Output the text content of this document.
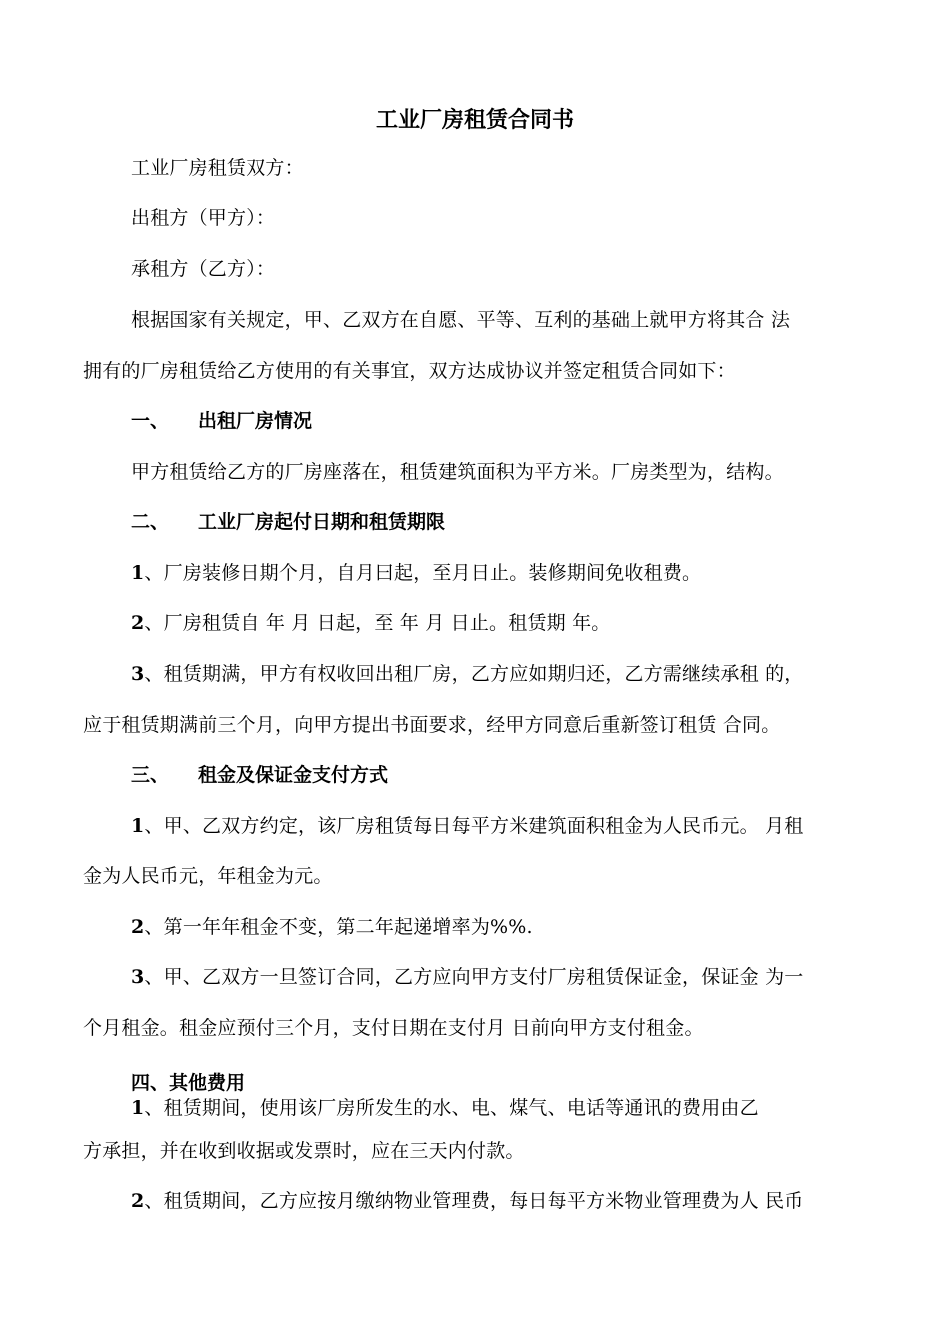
工业厂房租赁合同书
工业厂房租赁双方：
出租方（甲方）：
承租方（乙方）：
根据国家有关规定，甲、乙双方在自愿、平等、互利的基础上就甲方将其合 法
拥有的厂房租赁给乙方使用的有关事宜，双方达成协议并签定租赁合同如下：
一、 出租厂房情况
甲方租赁给乙方的厂房座落在，租赁建筑面积为平方米。厂房类型为，结构。
二、 工业厂房起付日期和租赁期限
1、厂房装修日期个月，自月曰起，至月日止。装修期间免收租费。
2、厂房租赁自 年 月 日起，至 年 月 日止。租赁期 年。
3、租赁期满，甲方有权收回出租厂房，乙方应如期归还，乙方需继续承租 的，
应于租赁期满前三个月，向甲方提出书面要求，经甲方同意后重新签订租赁 合同。
三、 租金及保证金支付方式
1、甲、乙双方约定，该厂房租赁每日每平方米建筑面积租金为人民币元。 月租
金为人民币元，年租金为元。
2、第一年年租金不变，第二年起递增率为%%.
3、甲、乙双方一旦签订合同，乙方应向甲方支付厂房租赁保证金，保证金 为一
个月租金。租金应预付三个月，支付日期在支付月 日前向甲方支付租金。
四、其他费用
1、租赁期间，使用该厂房所发生的水、电、煤气、电话等通讯的费用由乙
方承担，并在收到收据或发票时，应在三天内付款。
2、租赁期间，乙方应按月缴纳物业管理费，每日每平方米物业管理费为人 民币
